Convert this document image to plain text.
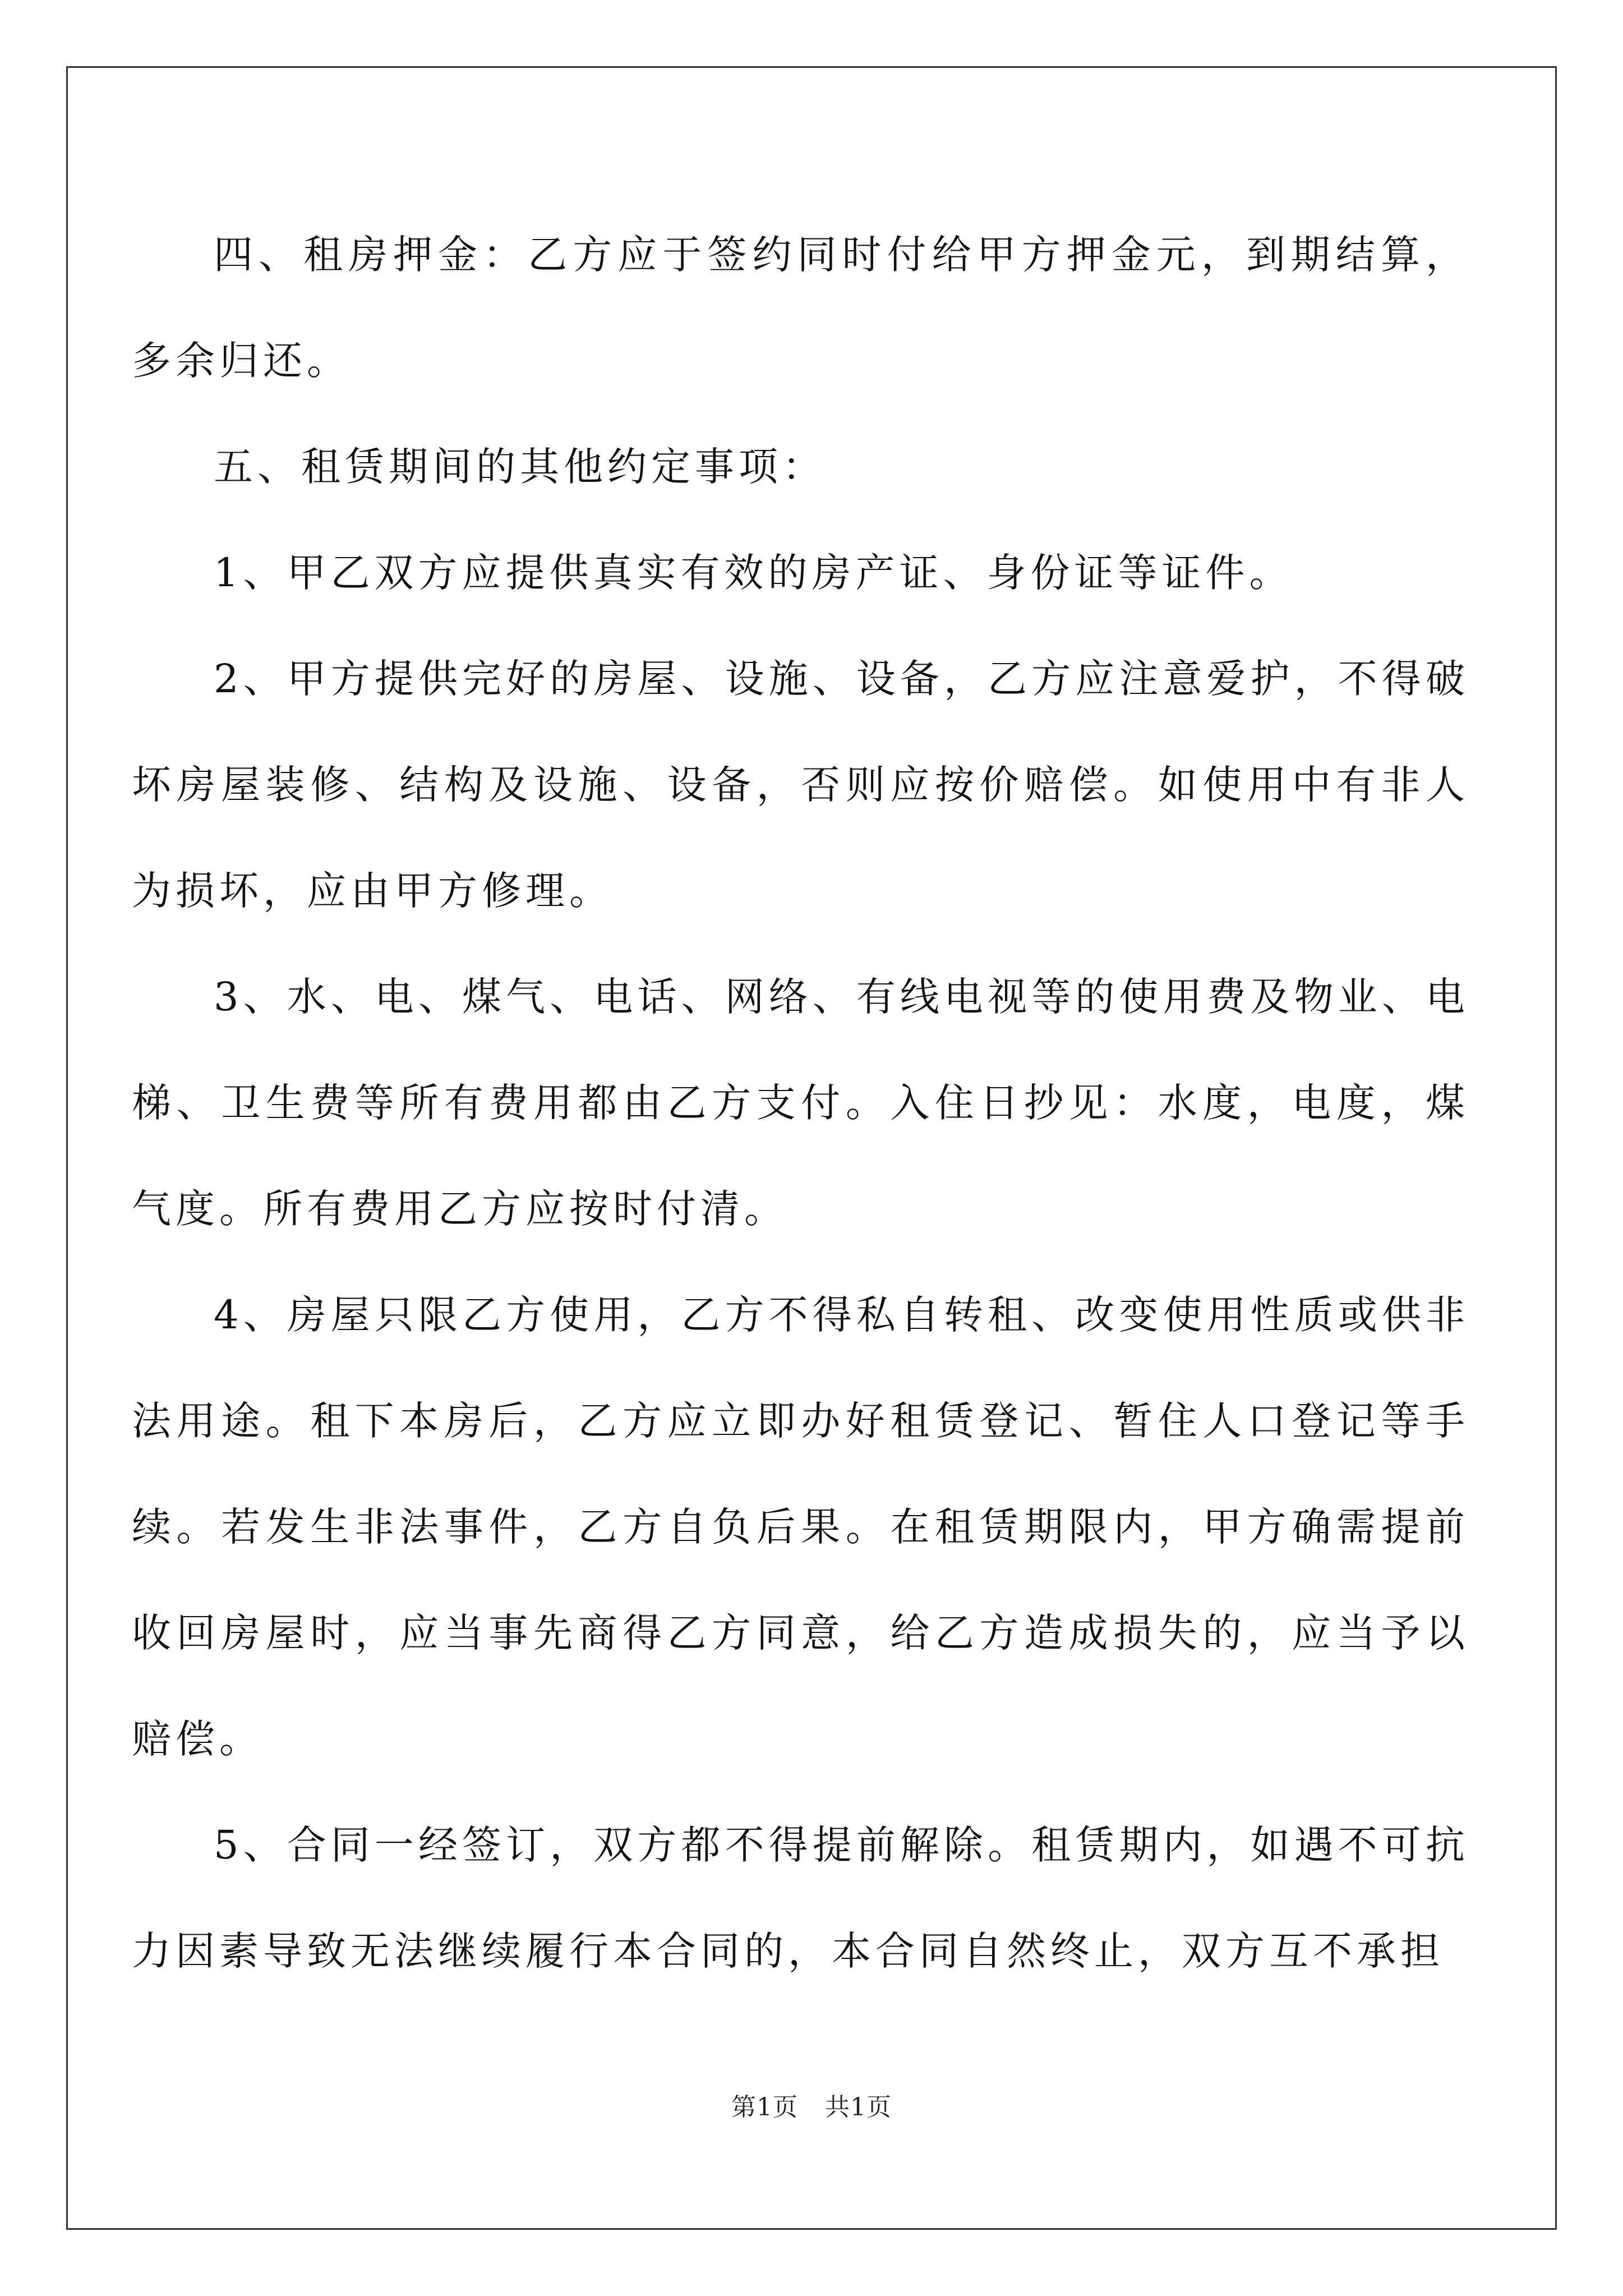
四、租房押金：乙方应于签约同时付给甲方押金元，到期结算，多余归还。

五、租赁期间的其他约定事项：

1、甲乙双方应提供真实有效的房产证、身份证等证件。

2、甲方提供完好的房屋、设施、设备，乙方应注意爱护，不得破坏房屋装修、结构及设施、设备，否则应按价赔偿。如使用中有非人为损坏，应由甲方修理。

3、水、电、煤气、电话、网络、有线电视等的使用费及物业、电梯、卫生费等所有费用都由乙方支付。入住日抄见：水度，电度，煤气度。所有费用乙方应按时付清。

4、房屋只限乙方使用，乙方不得私自转租、改变使用性质或供非法用途。租下本房后，乙方应立即办好租赁登记、暂住人口登记等手续。若发生非法事件，乙方自负后果。在租赁期限内，甲方确需提前收回房屋时，应当事先商得乙方同意，给乙方造成损失的，应当予以赔偿。

5、合同一经签订，双方都不得提前解除。租赁期内，如遇不可抗力因素导致无法继续履行本合同的，本合同自然终止，双方互不承担

第1页 共1页
